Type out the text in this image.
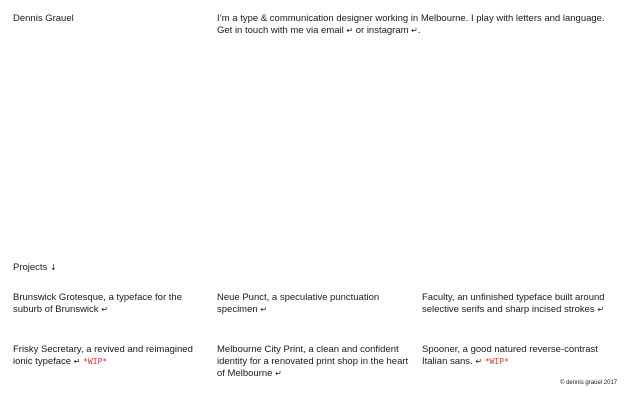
Dennis Grauel	I’m a type & communication designer working in Melbourne. I play with letters and language. Get in touch with me via email ↵ or instagram ↵.
Projects ↓
Brunswick Grotesque, a typeface for the suburb of Brunswick ↵
Neue Punct, a speculative punctuation specimen ↵
Faculty, an unfinished typeface built around selective serifs and sharp incised strokes ↵
Frisky Secretary, a revived and reimagined ionic typeface ↵ *WIP*
Melbourne City Print, a clean and confident identity for a renovated print shop in the heart of Melbourne ↵
Spooner, a good natured reverse-contrast Italian sans. ↵ *WIP*
© dennis grauel 2017
